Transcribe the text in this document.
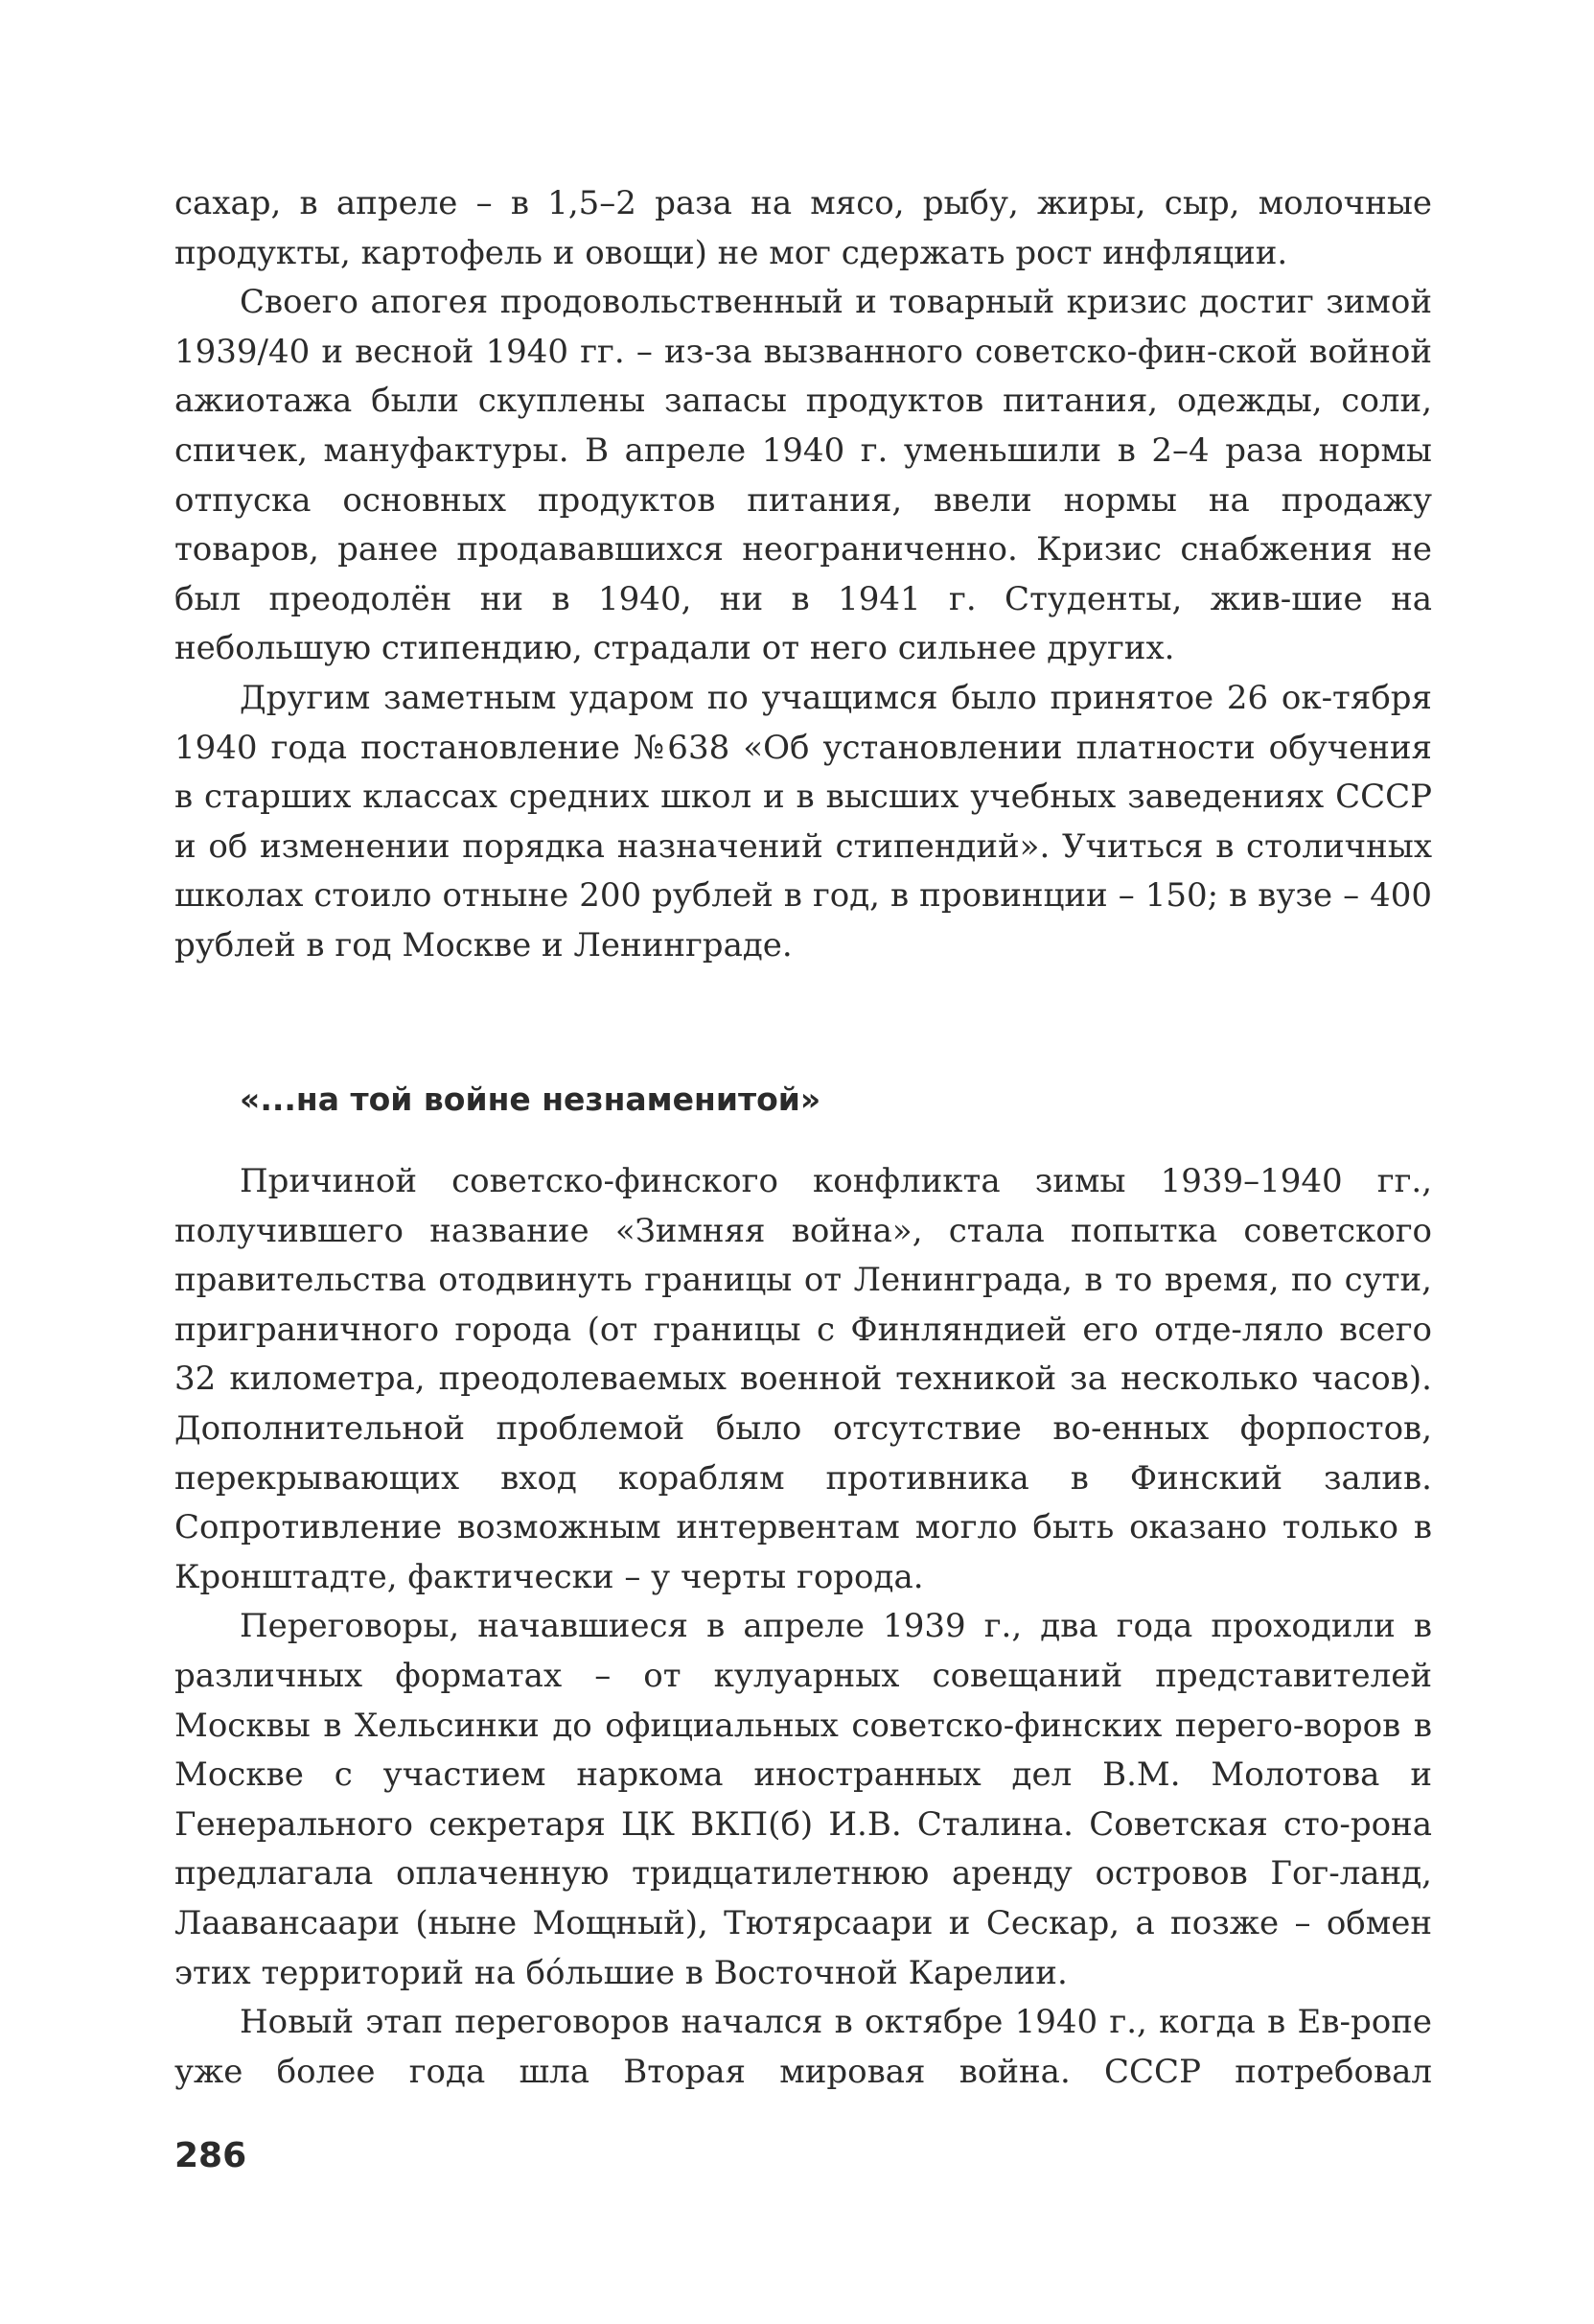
сахар, в апреле – в 1,5–2 раза на мясо, рыбу, жиры, сыр, молочные продукты, картофель и овощи) не мог сдержать рост инфляции.

Своего апогея продовольственный и товарный кризис достиг зимой 1939/40 и весной 1940 гг. – из-за вызванного советско-фин-ской войной ажиотажа были скуплены запасы продуктов питания, одежды, соли, спичек, мануфактуры. В апреле 1940 г. уменьшили в 2–4 раза нормы отпуска основных продуктов питания, ввели нормы на продажу товаров, ранее продававшихся неограниченно. Кризис снабжения не был преодолён ни в 1940, ни в 1941 г. Студенты, жив-шие на небольшую стипендию, страдали от него сильнее других.

Другим заметным ударом по учащимся было принятое 26 ок-тября 1940 года постановление №638 «Об установлении платности обучения в старших классах средних школ и в высших учебных заведениях СССР и об изменении порядка назначений стипендий». Учиться в столичных школах стоило отныне 200 рублей в год, в провинции – 150; в вузе – 400 рублей в год Москве и Ленинграде.

«...на той войне незнаменитой»

Причиной советско-финского конфликта зимы 1939–1940 гг., получившего название «Зимняя война», стала попытка советского правительства отодвинуть границы от Ленинграда, в то время, по сути, приграничного города (от границы с Финляндией его отде-ляло всего 32 километра, преодолеваемых военной техникой за несколько часов). Дополнительной проблемой было отсутствие во-енных форпостов, перекрывающих вход кораблям противника в Финский залив. Сопротивление возможным интервентам могло быть оказано только в Кронштадте, фактически – у черты города.

Переговоры, начавшиеся в апреле 1939 г., два года проходили в различных форматах – от кулуарных совещаний представителей Москвы в Хельсинки до официальных советско-финских перего-воров в Москве с участием наркома иностранных дел В.М. Молотова и Генерального секретаря ЦК ВКП(б) И.В. Сталина. Советская сто-рона предлагала оплаченную тридцатилетнюю аренду островов Гог-ланд, Лаавансаари (ныне Мощный), Тютярсаари и Сескар, а позже – обмен этих территорий на бо́льшие в Восточной Карелии.

Новый этап переговоров начался в октябре 1940 г., когда в Ев-ропе уже более года шла Вторая мировая война. СССР потребовал

286
